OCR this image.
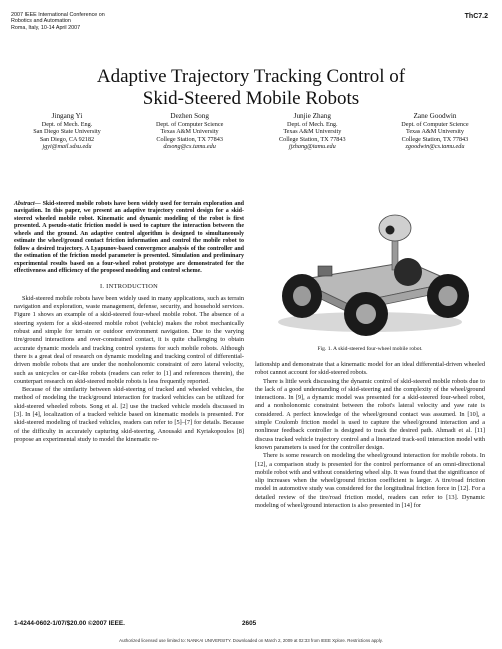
2007 IEEE International Conference on
Robotics and Automation
Roma, Italy, 10-14 April 2007
ThC7.2
Adaptive Trajectory Tracking Control of
Skid-Steered Mobile Robots
Jingang Yi
Dept. of Mech. Eng.
San Diego State University
San Diego, CA 92182
jgyi@mail.sdsu.edu
Dezhen Song
Dept. of Computer Science
Texas A&M University
College Station, TX 77843
dzsong@cs.tamu.edu
Junjie Zhang
Dept. of Mech. Eng.
Texas A&M University
College Station, TX 77843
jjzhang@tamu.edu
Zane Goodwin
Dept. of Computer Science
Texas A&M University
College Station, TX 77843
zgoodwin@cs.tamu.edu
Abstract— Skid-steered mobile robots have been widely used for terrain exploration and navigation. In this paper, we present an adaptive trajectory control design for a skid-steered wheeled mobile robot. Kinematic and dynamic modeling of the robot is first presented. A pseudo-static friction model is used to capture the interaction between the wheels and the ground. An adaptive control algorithm is designed to simultaneously estimate the wheel/ground contact friction information and control the mobile robot to follow a desired trajectory. A Lyapunov-based convergence analysis of the controller and the estimation of the friction model parameter is presented. Simulation and preliminary experimental results based on a four-wheel robot prototype are demonstrated for the effectiveness and efficiency of the proposed modeling and control scheme.
I. INTRODUCTION

Skid-steered mobile robots have been widely used in many applications, such as terrain navigation and exploration, waste management, defense, security, and household services. Figure 1 shows an example of a skid-steered four-wheel mobile robot. The absence of a steering system for a skid-steered mobile robot (vehicle) makes the robot mechanically robust and simple for terrain or outdoor environment navigation. Due to the varying tire/ground interactions and over-constrained contact, it is quite challenging to obtain accurate dynamic models and tracking control systems for such mobile robots. Although there is a great deal of research on dynamic modeling and tracking control of differential-driven mobile robots that are under the nonholonomic constraint of zero lateral velocity, such as unicycles or car-like robots (readers can refer to [1] and references therein), the counterpart research on skid-steered mobile robots is less frequently reported.

Because of the similarity between skid-steering of tracked and wheeled vehicles, the method of modeling the track/ground interaction for tracked vehicles can be utilized for skid-steered wheeled robots. Song et al. [2] use the tracked vehicle models discussed in [3]. In [4], localization of a tracked vehicle based on kinematic models is presented. For skid-steered modeling of tracked vehicles, readers can refer to [5]–[7] for details. Because of the difficulty in accurately capturing skid-steering, Anousaki and Kyriakopoulos [8] propose an experimental study to model the kinematic re-

Fig. 1. A skid-steered four-wheel mobile robot.

lationship and demonstrate that a kinematic model for an ideal differential-driven wheeled robot cannot account for skid-steered robots.

There is little work discussing the dynamic control of skid-steered mobile robots due to the lack of a good understanding of skid-steering and the complexity of the wheel/ground interactions. In [9], a dynamic model was presented for a skid-steered four-wheel robot, and a nonholonomic constraint between the robot's lateral velocity and yaw rate is considered. A perfect knowledge of the wheel/ground contact was assumed. In [10], a simple Coulomb friction model is used to capture the wheel/ground interaction and a nonlinear feedback controller is designed to track the desired path. Ahmadi et al. [11] discuss tracked vehicle trajectory control and a linearized track-soil interaction model with known parameters is used for the controller design.

There is some research on modeling the wheel/ground interaction for mobile robots. In [12], a comparison study is presented for the control performance of an omni-directional mobile robot with and without considering wheel slip. It was found that the significance of slip increases when the wheel/ground friction coefficient is larger. A tire/road friction model in automotive study was considered for the longitudinal friction force in [12]. For a detailed review of the tire/road friction model, readers can refer to [13]. Dynamic modeling of wheel/ground interaction is also presented in [14] for

1-4244-0602-1/07/$20.00 ©2007 IEEE.	2605
Authorized licensed use limited to: NANKAI UNIVERSITY. Downloaded on March 2, 2009 at 02:33 from IEEE Xplore. Restrictions apply.
